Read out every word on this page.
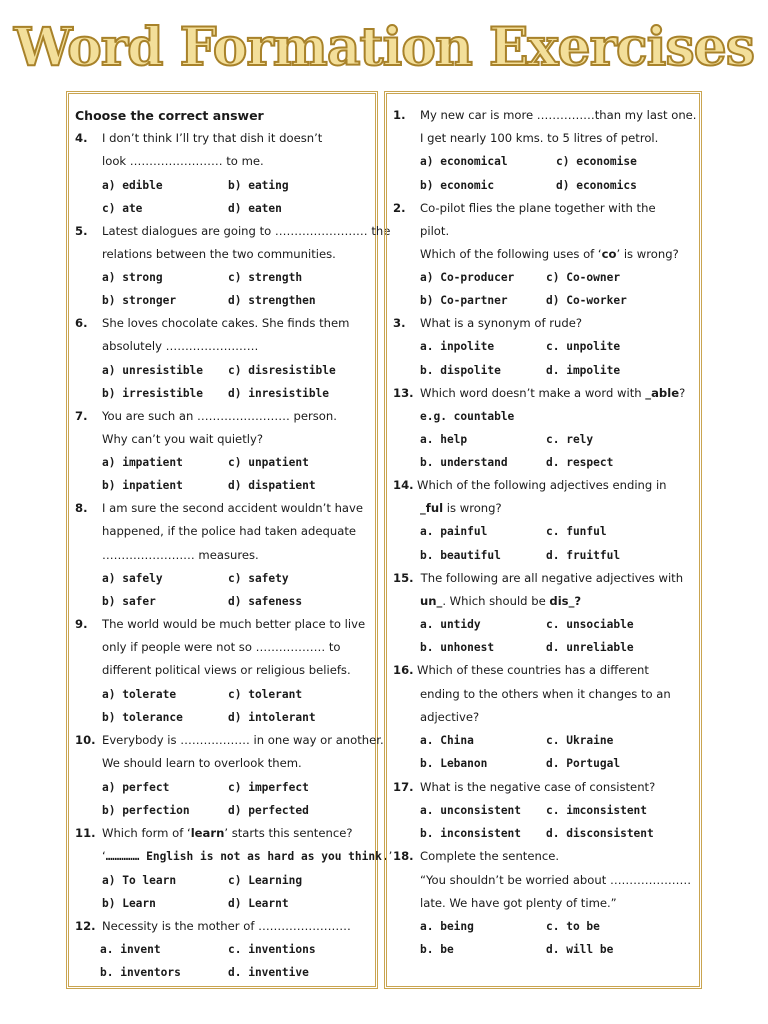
Word Formation Exercises
Choose the correct answer
4. I don’t think I’ll try that dish it doesn’t
look …………………… to me.
a) edible	b) eating
c) ate	d) eaten
5. Latest dialogues are going to …………………… the
relations between the two communities.
a) strong	c) strength
b) stronger	d) strengthen
6. She loves chocolate cakes. She finds them
absolutely ……………………
a) unresistible c) disresistible
b) irresistible d) inresistible
7. You are such an …………………… person.
Why can’t you wait quietly?
a) impatient	c) unpatient
b) inpatient	d) dispatient
8. I am sure the second accident wouldn’t have
happened, if the police had taken adequate
…………………… measures.
a) safely	c) safety
b) safer	d) safeness
9. The world would be much better place to live
only if people were not so ……………… to
different political views or religious beliefs.
a) tolerate	c) tolerant
b) tolerance	d) intolerant
10. Everybody is ……………… in one way or another.
We should learn to overlook them.
a) perfect	c) imperfect
b) perfection	d) perfected
11. Which form of ‘learn’ starts this sentence?
‘…………… English is not as hard as you think.’
a) To learn	c) Learning
b) Learn	d) Learnt
12. Necessity is the mother of ……………………
a. invent	c. inventions
b. inventors	d. inventive
1. My new car is more ……………than my last one.
I get nearly 100 kms. to 5 litres of petrol.
a) economical	c) economise
b) economic	d) economics
2. Co-pilot flies the plane together with the
pilot.
Which of the following uses of ‘co’ is wrong?
a) Co-producer	c) Co-owner
b) Co-partner	d) Co-worker
3. What is a synonym of rude?
a. inpolite	c. unpolite
b. dispolite	d. impolite
13. Which word doesn’t make a word with _able?
e.g. countable
a. help	c. rely
b. understand	d. respect
14. Which of the following adjectives ending in
_ful is wrong?
a. painful	c. funful
b. beautiful	d. fruitful
15. The following are all negative adjectives with
un_. Which should be dis_?
a. untidy	c. unsociable
b. unhonest	d. unreliable
16. Which of these countries has a different
ending to the others when it changes to an
adjective?
a. China	c. Ukraine
b. Lebanon	d. Portugal
17. What is the negative case of consistent?
a. unconsistent c. imconsistent
b. inconsistent d. disconsistent
18. Complete the sentence.
“You shouldn’t be worried about …………………
late. We have got plenty of time.”
a. being	c. to be
b. be	d. will be
